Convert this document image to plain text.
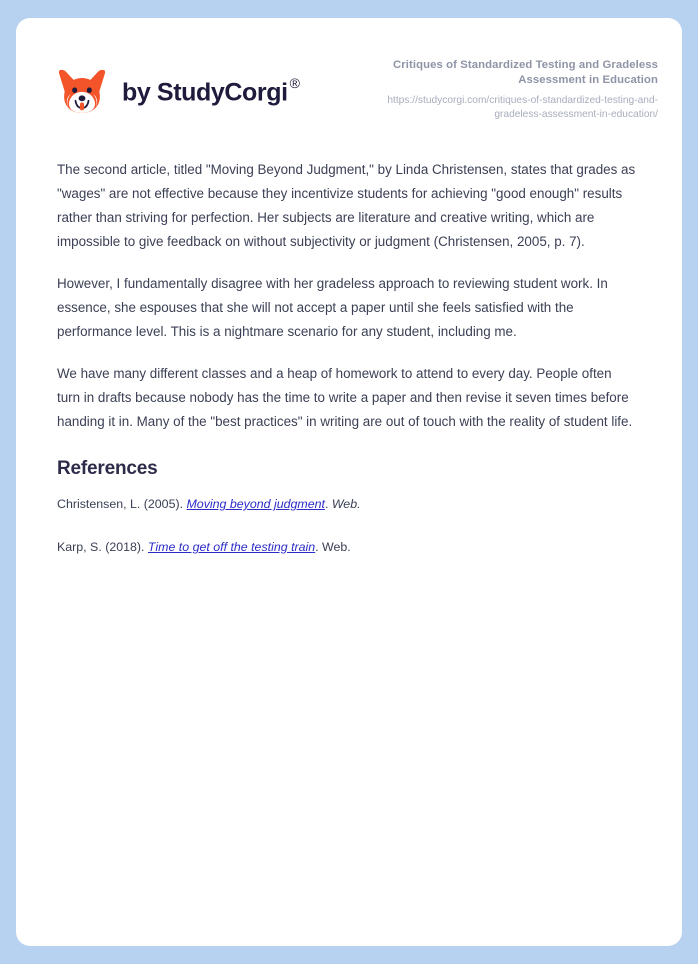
by StudyCorgi ®

Critiques of Standardized Testing and Gradeless Assessment in Education

https://studycorgi.com/critiques-of-standardized-testing-and-gradeless-assessment-in-education/

The second article, titled "Moving Beyond Judgment," by Linda Christensen, states that grades as "wages" are not effective because they incentivize students for achieving "good enough" results rather than striving for perfection. Her subjects are literature and creative writing, which are impossible to give feedback on without subjectivity or judgment (Christensen, 2005, p. 7).

However, I fundamentally disagree with her gradeless approach to reviewing student work. In essence, she espouses that she will not accept a paper until she feels satisfied with the performance level. This is a nightmare scenario for any student, including me.

We have many different classes and a heap of homework to attend to every day. People often turn in drafts because nobody has the time to write a paper and then revise it seven times before handing it in. Many of the "best practices" in writing are out of touch with the reality of student life.

References

Christensen, L. (2005). Moving beyond judgment. Web.

Karp, S. (2018). Time to get off the testing train. Web.
